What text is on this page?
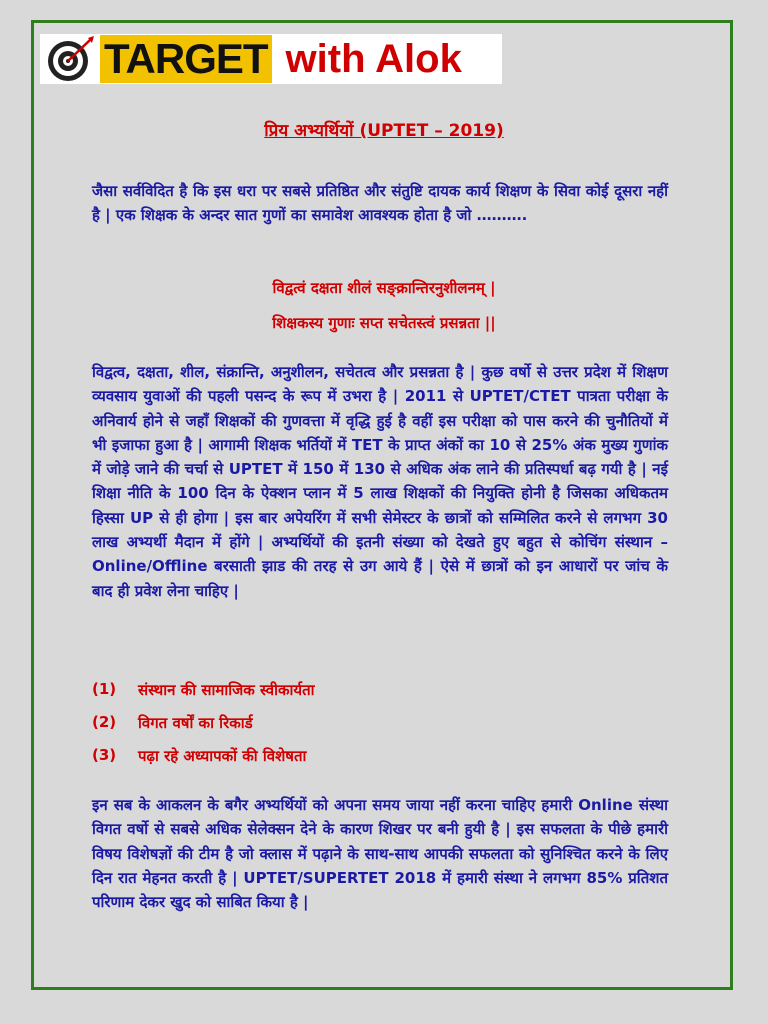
TARGET with Alok
प्रिय अभ्यर्थियों (UPTET – 2019)
जैसा सर्वविदित है कि इस धरा पर सबसे प्रतिष्ठित और संतुष्टि दायक कार्य शिक्षण के सिवा कोई दूसरा नहीं है | एक शिक्षक के अन्दर सात गुणों का समावेश आवश्यक होता है जो ……….
विद्वत्वं दक्षता शीलं सङ्क्रान्तिरनुशीलनम् |
शिक्षकस्य गुणाः सप्त सचेतस्त्वं प्रसन्नता ||
विद्वत्व, दक्षता, शील, संक्रान्ति, अनुशीलन, सचेतत्व और प्रसन्नता है | कुछ वर्षो से उत्तर प्रदेश में शिक्षण व्यवसाय युवाओं की पहली पसन्द के रूप में उभरा है | 2011 से UPTET/CTET पात्रता परीक्षा के अनिवार्य होने से जहाँ शिक्षकों की गुणवत्ता में वृद्धि हुई है वहीं इस परीक्षा को पास करने की चुनौतियों में भी इजाफा हुआ है | आगामी शिक्षक भर्तियों में TET के प्राप्त अंकों का 10 से 25% अंक मुख्य गुणांक में जोड़े जाने की चर्चा से UPTET में 150 में 130 से अधिक अंक लाने की प्रतिस्पर्धा बढ़ गयी है | नई शिक्षा नीति के 100 दिन के ऐक्शन प्लान में 5 लाख शिक्षकों की नियुक्ति होनी है जिसका अधिकतम हिस्सा UP से ही होगा | इस बार अपेयरिंग में सभी सेमेस्टर के छात्रों को सम्मिलित करने से लगभग 30 लाख अभ्यर्थी मैदान में होंगे | अभ्यर्थियों की इतनी संख्या को देखते हुए बहुत से कोचिंग संस्थान – Online/Offline बरसाती झाड की तरह से उग आये हैं | ऐसे में छात्रों को इन आधारों पर जांच के बाद ही प्रवेश लेना चाहिए |
(1)	संस्थान की सामाजिक स्वीकार्यता
(2)	विगत वर्षों का रिकार्ड
(3)	पढ़ा रहे अध्यापकों की विशेषता
इन सब के आकलन के बगैर अभ्यर्थियों को अपना समय जाया नहीं करना चाहिए हमारी Online संस्था विगत वर्षो से सबसे अधिक सेलेक्सन देने के कारण शिखर पर बनी हुयी है | इस सफलता के पीछे हमारी विषय विशेषज्ञों की टीम है जो क्लास में पढ़ाने के साथ-साथ आपकी सफलता को सुनिश्चित करने के लिए दिन रात मेहनत करती है | UPTET/SUPERTET 2018 में हमारी संस्था ने लगभग 85% प्रतिशत परिणाम देकर खुद को साबित किया है |
